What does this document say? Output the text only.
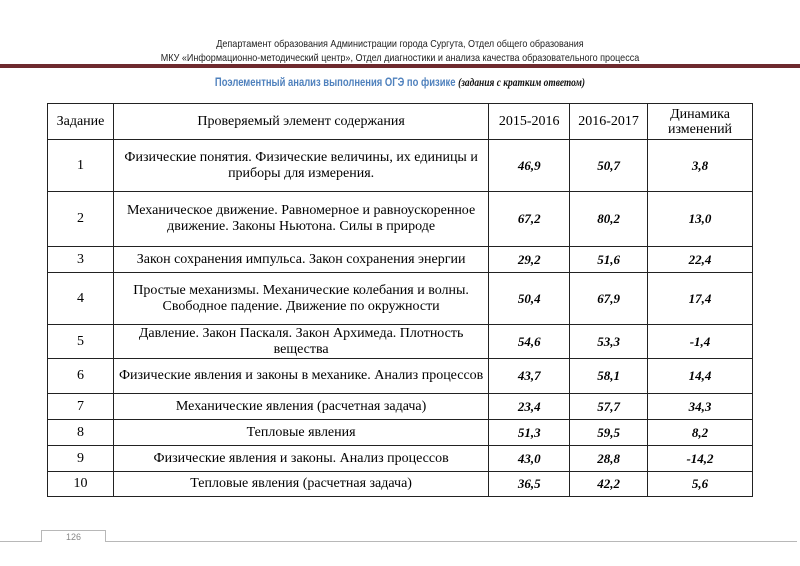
Департамент образования Администрации города Сургута, Отдел общего образования
МКУ «Информационно-методический центр», Отдел диагностики и анализа качества образовательного процесса
Поэлементный анализ выполнения ОГЭ по физике (задания с кратким ответом)
Задание	Проверяемый элемент содержания	2015-2016	2016-2017	Динамика изменений
1	Физические понятия. Физические величины, их единицы и приборы для измерения.	46,9	50,7	3,8
2	Механическое движение. Равномерное и равноускоренное движение. Законы Ньютона. Силы в природе	67,2	80,2	13,0
3	Закон сохранения импульса. Закон сохранения энергии	29,2	51,6	22,4
4	Простые механизмы. Механические колебания и волны. Свободное падение. Движение по окружности	50,4	67,9	17,4
5	Давление. Закон Паскаля. Закон Архимеда. Плотность вещества	54,6	53,3	-1,4
6	Физические явления и законы в механике. Анализ процессов	43,7	58,1	14,4
7	Механические явления (расчетная задача)	23,4	57,7	34,3
8	Тепловые явления	51,3	59,5	8,2
9	Физические явления и законы. Анализ процессов	43,0	28,8	-14,2
10	Тепловые явления (расчетная задача)	36,5	42,2	5,6
126
